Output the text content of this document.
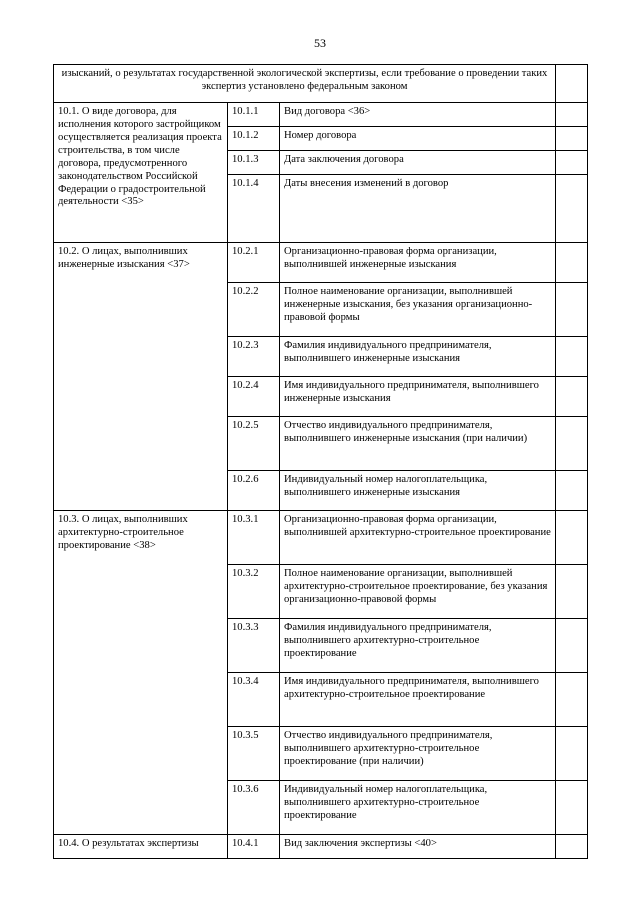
53
изысканий, о результатах государственной экологической экспертизы, если требование о проведении таких экспертиз установлено федеральным законом			
10.1. О виде договора, для исполнения которого застройщиком осуществляется реализация проекта строительства, в том числе договора, предусмотренного законодательством Российской Федерации о градостроительной деятельности <35>	10.1.1	Вид договора <36>	
	10.1.2	Номер договора	
	10.1.3	Дата заключения договора	
	10.1.4	Даты внесения изменений в договор	
10.2. О лицах, выполнивших инженерные изыскания <37>	10.2.1	Организационно-правовая форма организации, выполнившей инженерные изыскания	
	10.2.2	Полное наименование организации, выполнившей инженерные изыскания, без указания организационно-правовой формы	
	10.2.3	Фамилия индивидуального предпринимателя, выполнившего инженерные изыскания	
	10.2.4	Имя индивидуального предпринимателя, выполнившего инженерные изыскания	
	10.2.5	Отчество индивидуального предпринимателя, выполнившего инженерные изыскания (при наличии)	
	10.2.6	Индивидуальный номер налогоплательщика, выполнившего инженерные изыскания	
10.3. О лицах, выполнивших архитектурно-строительное проектирование <38>	10.3.1	Организационно-правовая форма организации, выполнившей архитектурно-строительное проектирование	
	10.3.2	Полное наименование организации, выполнившей архитектурно-строительное проектирование, без указания организационно-правовой формы	
	10.3.3	Фамилия индивидуального предпринимателя, выполнившего архитектурно-строительное проектирование	
	10.3.4	Имя индивидуального предпринимателя, выполнившего архитектурно-строительное проектирование	
	10.3.5	Отчество индивидуального предпринимателя, выполнившего архитектурно-строительное проектирование (при наличии)	
	10.3.6	Индивидуальный номер налогоплательщика, выполнившего архитектурно-строительное проектирование	
10.4. О результатах экспертизы	10.4.1	Вид заключения экспертизы <40>	
